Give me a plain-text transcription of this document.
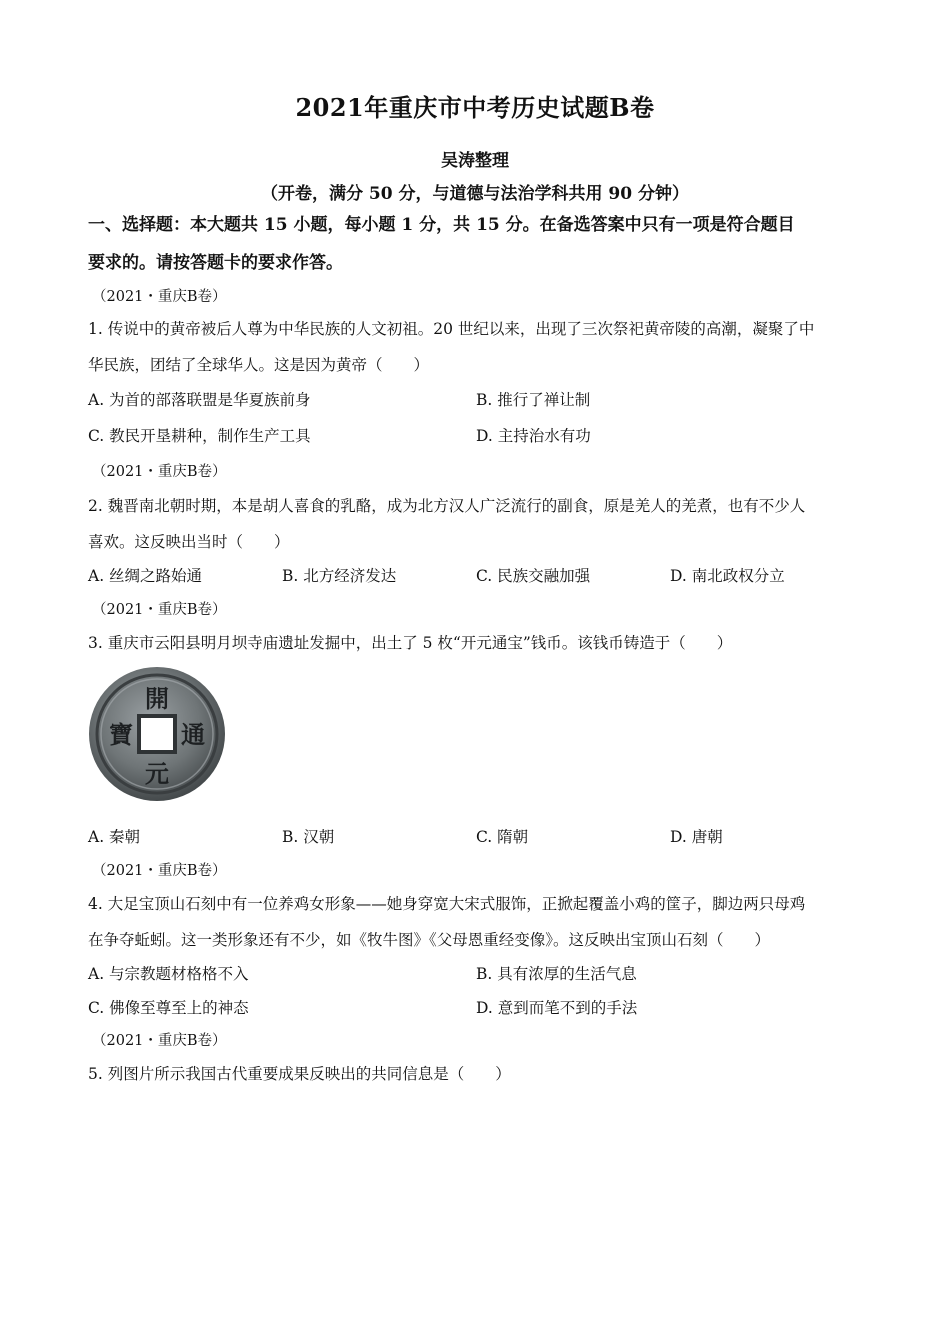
2021年重庆市中考历史试题B卷
吴涛整理
（开卷，满分 50 分，与道德与法治学科共用 90 分钟）
一、选择题：本大题共 15 小题，每小题 1 分，共 15 分。在备选答案中只有一项是符合题目
要求的。请按答题卡的要求作答。
（2021・重庆B卷）
1. 传说中的黄帝被后人尊为中华民族的人文初祖。20 世纪以来，出现了三次祭祀黄帝陵的高潮，凝聚了中
华民族，团结了全球华人。这是因为黄帝（　　）
A. 为首的部落联盟是华夏族前身	B. 推行了禅让制
C. 教民开垦耕种，制作生产工具	D. 主持治水有功
（2021・重庆B卷）
2. 魏晋南北朝时期，本是胡人喜食的乳酪，成为北方汉人广泛流行的副食，原是羌人的羌煮，也有不少人
喜欢。这反映出当时（　　）
A. 丝绸之路始通	B. 北方经济发达	C. 民族交融加强	D. 南北政权分立
（2021・重庆B卷）
3. 重庆市云阳县明月坝寺庙遗址发掘中，出土了 5 枚“开元通宝”钱币。该钱币铸造于（　　）
開
通
元
寶
A. 秦朝	B. 汉朝	C. 隋朝	D. 唐朝
（2021・重庆B卷）
4. 大足宝顶山石刻中有一位养鸡女形象——她身穿宽大宋式服饰，正掀起覆盖小鸡的筐子，脚边两只母鸡
在争夺蚯蚓。这一类形象还有不少，如《牧牛图》《父母恩重经变像》。这反映出宝顶山石刻（　　）
A. 与宗教题材格格不入	B. 具有浓厚的生活气息
C. 佛像至尊至上的神态	D. 意到而笔不到的手法
（2021・重庆B卷）
5. 列图片所示我国古代重要成果反映出的共同信息是（　　）
